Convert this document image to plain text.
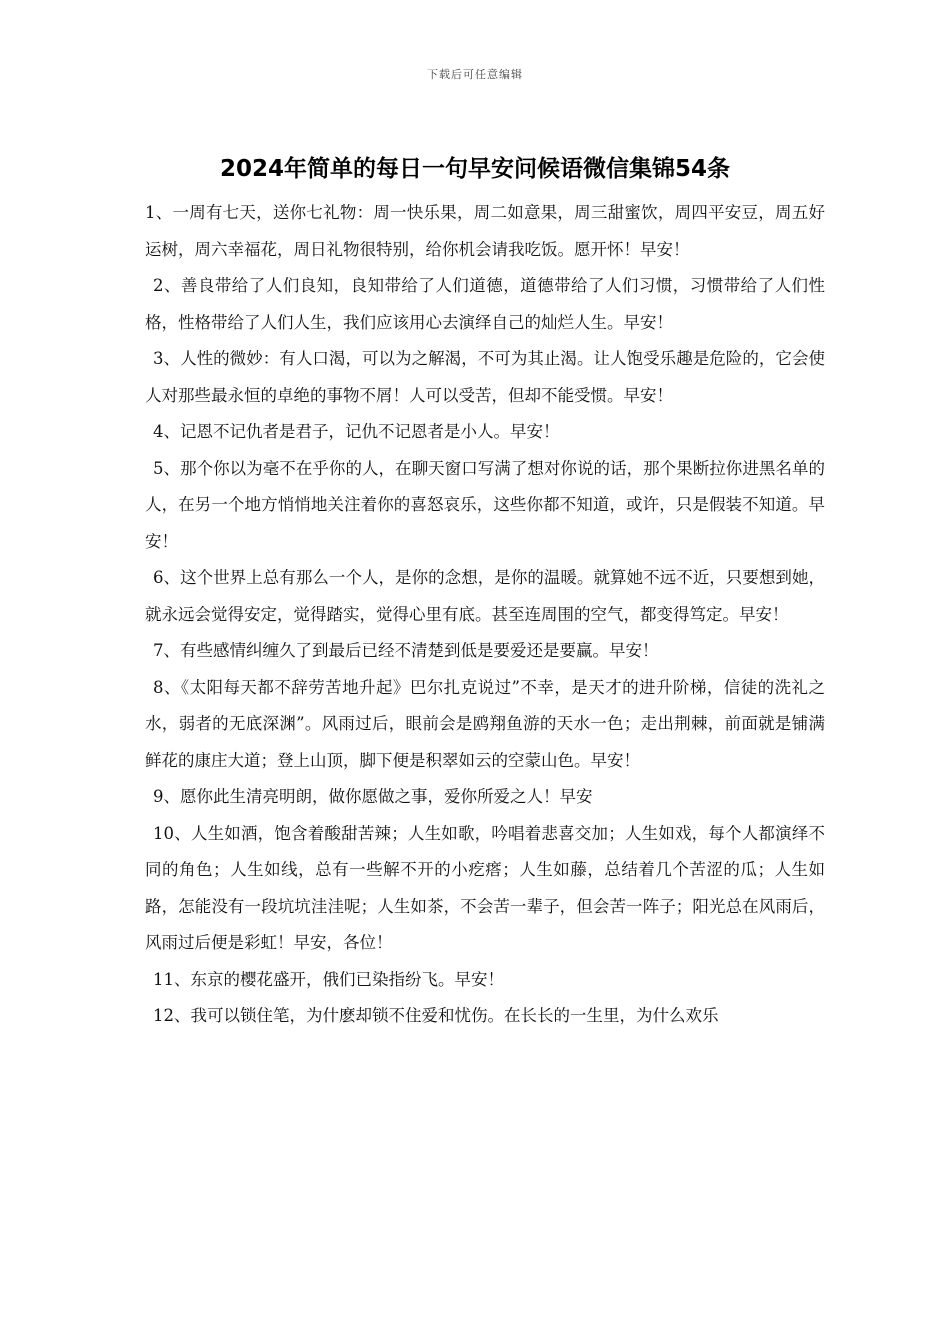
下载后可任意编辑
2024年简单的每日一句早安问候语微信集锦54条

1、一周有七天，送你七礼物：周一快乐果，周二如意果，周三甜蜜饮，周四平安豆，周五好运树，周六幸福花，周日礼物很特别，给你机会请我吃饭。愿开怀！早安！

2、善良带给了人们良知，良知带给了人们道德，道德带给了人们习惯，习惯带给了人们性格，性格带给了人们人生，我们应该用心去演绎自己的灿烂人生。早安！

3、人性的微妙：有人口渴，可以为之解渴，不可为其止渴。让人饱受乐趣是危险的，它会使人对那些最永恒的卓绝的事物不屑！人可以受苦，但却不能受惯。早安！

4、记恩不记仇者是君子，记仇不记恩者是小人。早安！

5、那个你以为毫不在乎你的人，在聊天窗口写满了想对你说的话，那个果断拉你进黑名单的人，在另一个地方悄悄地关注着你的喜怒哀乐，这些你都不知道，或许，只是假装不知道。早安！

6、这个世界上总有那么一个人，是你的念想，是你的温暖。就算她不远不近，只要想到她，就永远会觉得安定，觉得踏实，觉得心里有底。甚至连周围的空气，都变得笃定。早安！

7、有些感情纠缠久了到最后已经不清楚到低是要爱还是要赢。早安！

8、《太阳每天都不辞劳苦地升起》巴尔扎克说过”不幸，是天才的进升阶梯，信徒的洗礼之水，弱者的无底深渊”。风雨过后，眼前会是鸥翔鱼游的天水一色；走出荆棘，前面就是铺满鲜花的康庄大道；登上山顶，脚下便是积翠如云的空蒙山色。早安！

9、愿你此生清亮明朗，做你愿做之事，爱你所爱之人！早安

10、人生如酒，饱含着酸甜苦辣；人生如歌，吟唱着悲喜交加；人生如戏，每个人都演绎不同的角色；人生如线，总有一些解不开的小疙瘩；人生如藤，总结着几个苦涩的瓜；人生如路，怎能没有一段坑坑洼洼呢；人生如茶，不会苦一辈子，但会苦一阵子；阳光总在风雨后，风雨过后便是彩虹！早安，各位！

11、东京的樱花盛开，俄们已染指纷飞。早安！

12、我可以锁住笔，为什麽却锁不住爱和忧伤。在长长的一生里，为什么欢乐
